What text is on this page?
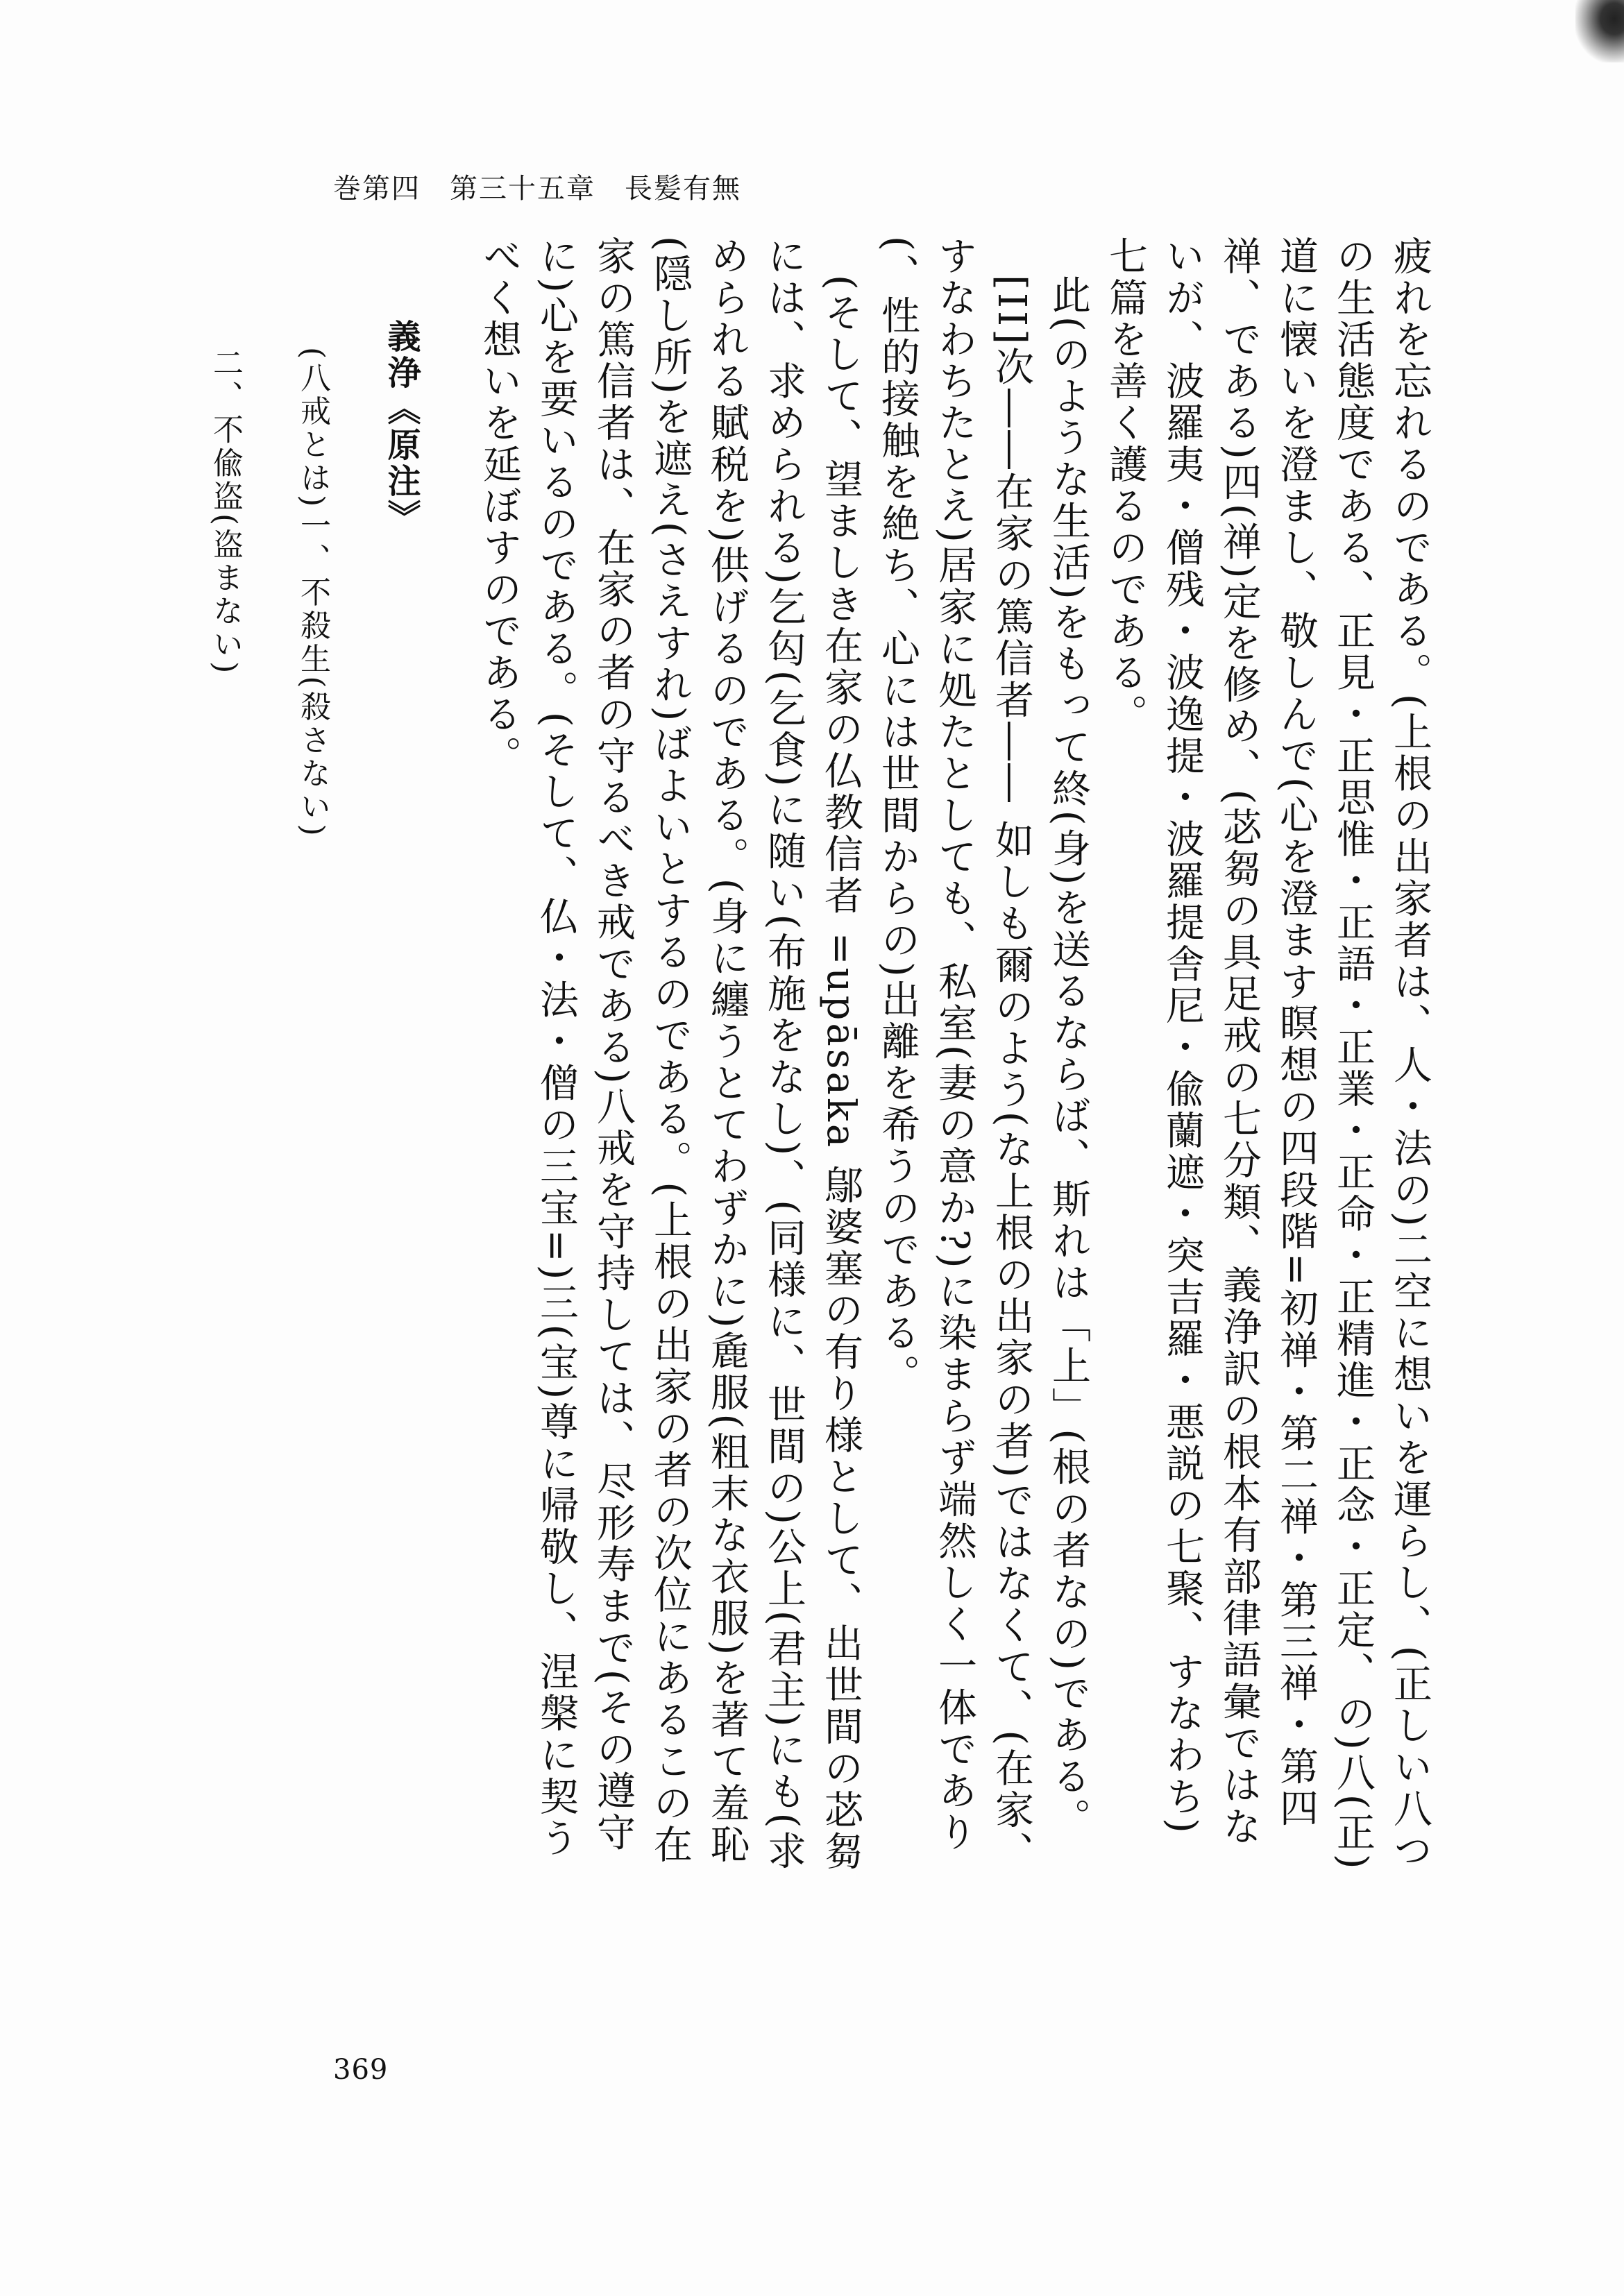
巻第四　第三十五章　長髪有無

疲れを忘れるのである。(上根の出家者は、人・法の)二空に想いを運らし、(正しい八つの生活態度である、正見・正思惟・正語・正業・正命・正精進・正念・正定、の)八(正)道に懐いを澄まし、敬しんで(心を澄ます瞑想の四段階=初禅・第二禅・第三禅・第四禅、である)四(禅)定を修め、(苾芻の具足戒の七分類、義浄訳の根本有部律語彙ではないが、波羅夷・僧残・波逸提・波羅提舎尼・偸蘭遮・突吉羅・悪説の七聚、すなわち)七篇を善く護るのである。

此(のような生活)をもって終(身)を送るならば、斯れは「上」(根の者なの)である。

[II]次――在家の篤信者―― 如しも爾のよう(な上根の出家の者)ではなくて、(在家、すなわちたとえ)居家に処たとしても、私室(妻の意か?)に染まらず端然しく一体であり(、性的接触を絶ち、心には世間からの)出離を希うのである。

(そして、望ましき在家の仏教信者 =upāsaka 鄔婆塞の有り様として、出世間の苾芻には、求められる)乞匃(乞食)に随い(布施をなし)、(同様に、世間の)公上(君主)にも(求められる賦税を)供げるのである。(身に纏うとてわずかに)麁服(粗末な衣服)を著て羞恥(隠し所)を遮え(さえすれ)ばよいとするのである。(上根の出家の者の次位にあるこの在家の篤信者は、在家の者の守るべき戒である)八戒を守持しては、尽形寿まで(その遵守に)心を要いるのである。(そして、仏・法・僧の三宝=)三(宝)尊に帰敬し、涅槃に契うべく想いを延ぼすのである。

義浄《原注》
(八戒とは)一、不殺生(殺さない)
二、不偸盗(盗まない)
369
